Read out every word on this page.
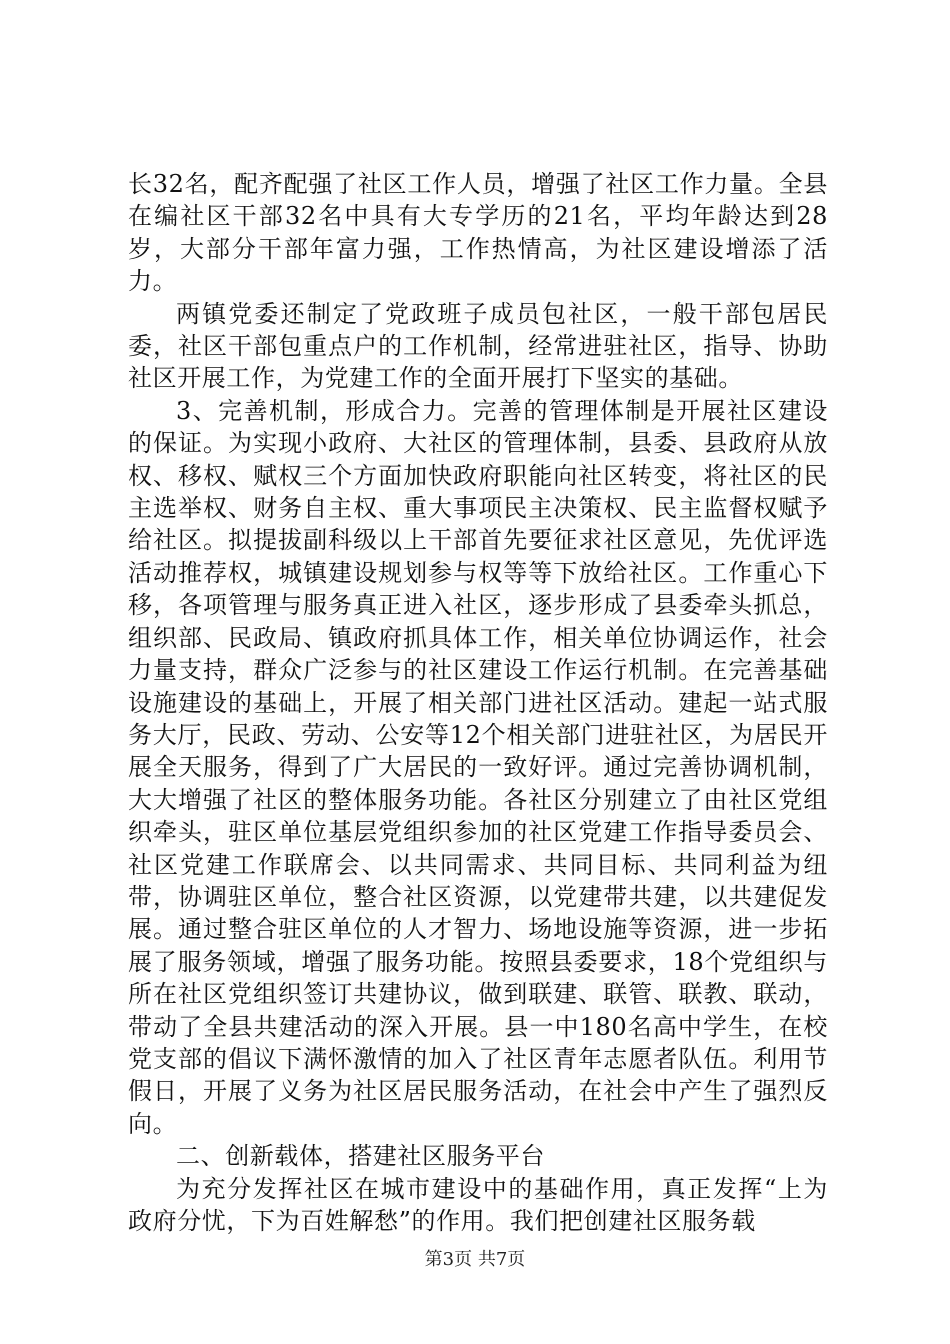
长32名，配齐配强了社区工作人员，增强了社区工作力量。全县在编社区干部32名中具有大专学历的21名，平均年龄达到28岁，大部分干部年富力强，工作热情高，为社区建设增添了活力。

两镇党委还制定了党政班子成员包社区，一般干部包居民委，社区干部包重点户的工作机制，经常进驻社区，指导、协助社区开展工作，为党建工作的全面开展打下坚实的基础。

3、完善机制，形成合力。完善的管理体制是开展社区建设的保证。为实现小政府、大社区的管理体制，县委、县政府从放权、移权、赋权三个方面加快政府职能向社区转变，将社区的民主选举权、财务自主权、重大事项民主决策权、民主监督权赋予给社区。拟提拔副科级以上干部首先要征求社区意见，先优评选活动推荐权，城镇建设规划参与权等等下放给社区。工作重心下移，各项管理与服务真正进入社区，逐步形成了县委牵头抓总，组织部、民政局、镇政府抓具体工作，相关单位协调运作，社会力量支持，群众广泛参与的社区建设工作运行机制。在完善基础设施建设的基础上，开展了相关部门进社区活动。建起一站式服务大厅，民政、劳动、公安等12个相关部门进驻社区，为居民开展全天服务，得到了广大居民的一致好评。通过完善协调机制，大大增强了社区的整体服务功能。各社区分别建立了由社区党组织牵头，驻区单位基层党组织参加的社区党建工作指导委员会、社区党建工作联席会、以共同需求、共同目标、共同利益为纽带，协调驻区单位，整合社区资源，以党建带共建，以共建促发展。通过整合驻区单位的人才智力、场地设施等资源，进一步拓展了服务领域，增强了服务功能。按照县委要求，18个党组织与所在社区党组织签订共建协议，做到联建、联管、联教、联动，带动了全县共建活动的深入开展。县一中180名高中学生，在校党支部的倡议下满怀激情的加入了社区青年志愿者队伍。利用节假日，开展了义务为社区居民服务活动，在社会中产生了强烈反向。

二、创新载体，搭建社区服务平台

为充分发挥社区在城市建设中的基础作用，真正发挥“上为政府分忧，下为百姓解愁”的作用。我们把创建社区服务载

第3页 共7页
